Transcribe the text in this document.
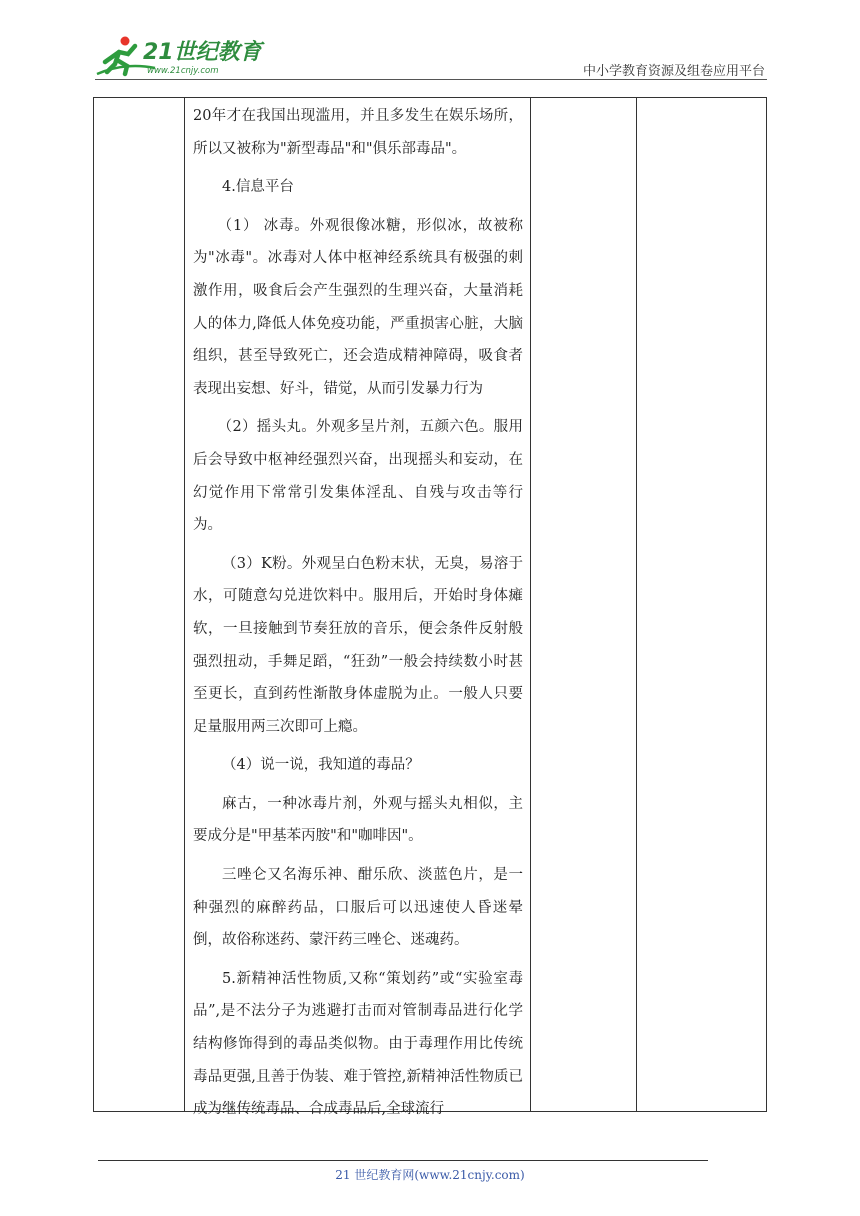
21世纪教育
www.21cnjy.com	中小学教育资源及组卷应用平台

20年才在我国出现滥用，并且多发生在娱乐场所，所以又被称为"新型毒品"和"俱乐部毒品"。

4.信息平台

（1） 冰毒。外观很像冰糖，形似冰，故被称为"冰毒"。冰毒对人体中枢神经系统具有极强的刺激作用，吸食后会产生强烈的生理兴奋，大量消耗人的体力,降低人体免疫功能，严重损害心脏，大脑组织，甚至导致死亡，还会造成精神障碍，吸食者表现出妄想、好斗，错觉，从而引发暴力行为

（2）摇头丸。外观多呈片剂，五颜六色。服用后会导致中枢神经强烈兴奋，出现摇头和妄动，在幻觉作用下常常引发集体淫乱、自残与攻击等行为。

（3）K粉。外观呈白色粉末状，无臭，易溶于水，可随意勾兑进饮料中。服用后，开始时身体瘫软，一旦接触到节奏狂放的音乐，便会条件反射般强烈扭动，手舞足蹈，“狂劲”一般会持续数小时甚至更长，直到药性渐散身体虚脱为止。一般人只要足量服用两三次即可上瘾。

（4）说一说，我知道的毒品？

麻古，一种冰毒片剂，外观与摇头丸相似，主要成分是"甲基苯丙胺"和"咖啡因"。

三唑仑又名海乐神、酣乐欣、淡蓝色片，是一种强烈的麻醉药品，口服后可以迅速使人昏迷晕倒，故俗称迷药、蒙汗药三唑仑、迷魂药。

5.新精神活性物质,又称“策划药”或“实验室毒品”,是不法分子为逃避打击而对管制毒品进行化学结构修饰得到的毒品类似物。由于毒理作用比传统毒品更强,且善于伪装、难于管控,新精神活性物质已成为继传统毒品、合成毒品后,全球流行

21 世纪教育网(www.21cnjy.com)
